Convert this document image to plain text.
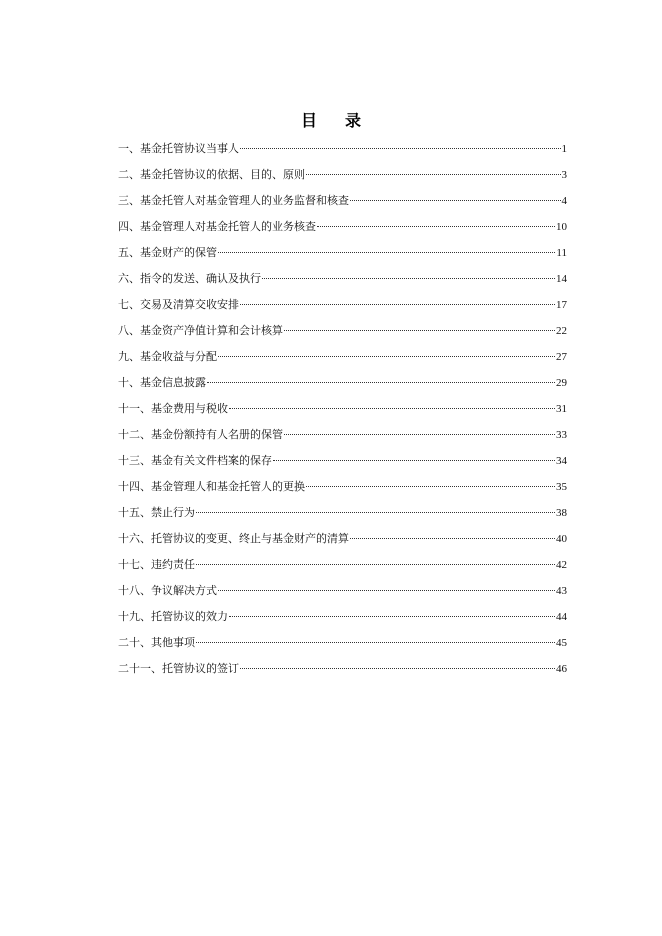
目 录
一、基金托管协议当事人	1
二、基金托管协议的依据、目的、原则	3
三、基金托管人对基金管理人的业务监督和核查	4
四、基金管理人对基金托管人的业务核查	10
五、基金财产的保管	11
六、指令的发送、确认及执行	14
七、交易及清算交收安排	17
八、基金资产净值计算和会计核算	22
九、基金收益与分配	27
十、基金信息披露	29
十一、基金费用与税收	31
十二、基金份额持有人名册的保管	33
十三、基金有关文件档案的保存	34
十四、基金管理人和基金托管人的更换	35
十五、禁止行为	38
十六、托管协议的变更、终止与基金财产的清算	40
十七、违约责任	42
十八、争议解决方式	43
十九、托管协议的效力	44
二十、其他事项	45
二十一、托管协议的签订	46
